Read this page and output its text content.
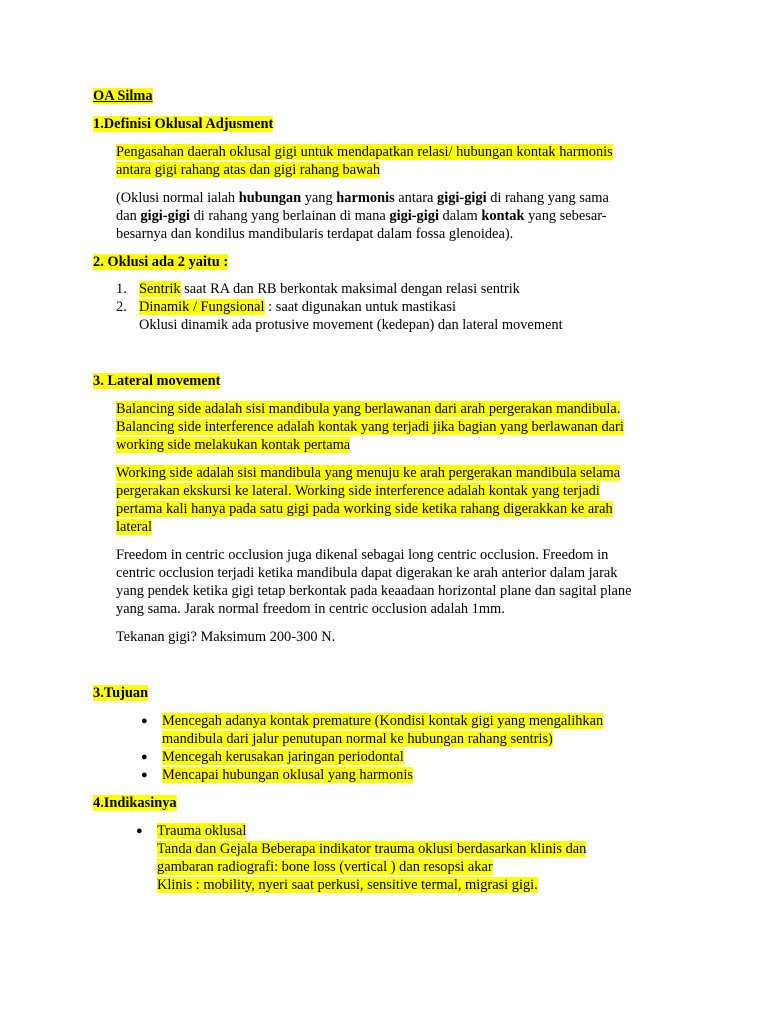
OA Silma
1.Definisi Oklusal Adjusment
Pengasahan daerah oklusal gigi untuk mendapatkan relasi/ hubungan kontak harmonis
antara gigi rahang atas dan gigi rahang bawah
(Oklusi normal ialah hubungan yang harmonis antara gigi-gigi di rahang yang sama
dan gigi-gigi di rahang yang berlainan di mana gigi-gigi dalam kontak yang sebesar-
besarnya dan kondilus mandibularis terdapat dalam fossa glenoidea).
2. Oklusi ada 2 yaitu :
1. Sentrik saat RA dan RB berkontak maksimal dengan relasi sentrik
2. Dinamik / Fungsional : saat digunakan untuk mastikasi
Oklusi dinamik ada protusive movement (kedepan) dan lateral movement
3. Lateral movement
Balancing side adalah sisi mandibula yang berlawanan dari arah pergerakan mandibula.
Balancing side interference adalah kontak yang terjadi jika bagian yang berlawanan dari
working side melakukan kontak pertama
Working side adalah sisi mandibula yang menuju ke arah pergerakan mandibula selama
pergerakan ekskursi ke lateral. Working side interference adalah kontak yang terjadi
pertama kali hanya pada satu gigi pada working side ketika rahang digerakkan ke arah
lateral
Freedom in centric occlusion juga dikenal sebagai long centric occlusion. Freedom in
centric occlusion terjadi ketika mandibula dapat digerakan ke arah anterior dalam jarak
yang pendek ketika gigi tetap berkontak pada keaadaan horizontal plane dan sagital plane
yang sama. Jarak normal freedom in centric occlusion adalah 1mm.
Tekanan gigi? Maksimum 200-300 N.
3.Tujuan
● Mencegah adanya kontak premature (Kondisi kontak gigi yang mengalihkan
mandibula dari jalur penutupan normal ke hubungan rahang sentris)
● Mencegah kerusakan jaringan periodontal
● Mencapai hubungan oklusal yang harmonis
4.Indikasinya
● Trauma oklusal
Tanda dan Gejala Beberapa indikator trauma oklusi berdasarkan klinis dan
gambaran radiografi: bone loss (vertical ) dan resopsi akar
Klinis : mobility, nyeri saat perkusi, sensitive termal, migrasi gigi.
